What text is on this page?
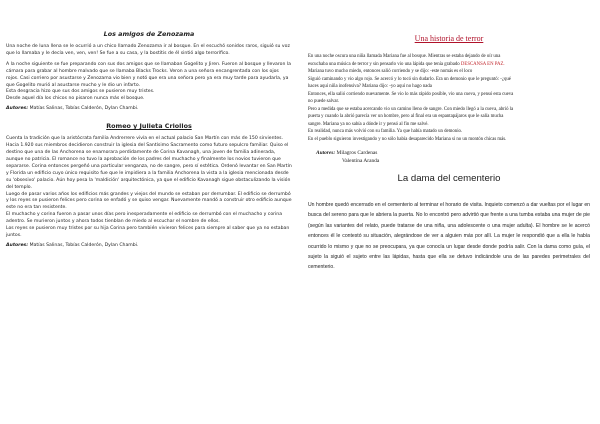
Los amigos de Zenozama

Una noche de luna llena se le ocurrió a un chico llamado Zenozama ir al bosque. En el escuchó sonidos raros, siguió su voz que lo llamaba y le decía ven, ven, ven! Se fue a su casa, y la bostitis de él sintió algo terrorífico.

A la noche siguiente se fue preparando con sus dos amigos que se llamaban Gogelito y Jiren. Fueron al bosque y llevaron la cámara para grabar al hombre malvado que se llamaba Blacks Trocks. Veron a una señora encangrentada con los ojos rojos. Casi corriero por asustarse y Zenozama vio bien y notó que era una señora pero ya era muy tarde para ayudarla, ya que Gogelito murió al asustarse mucho y le dio un infarto.

Esta desgracia hizo que sus dos amigos se pusieron muy tristes.

Desde aquel día los chicos no pisaron nunca más el bosque.

Autores: Matías Salinas, Tobías Calderón, Dylan Chambi.
Romeo y Julieta Criollos

Cuenta la tradición que la aristócrata familia Andrerrere vivía en el actual palacio San Martín con más de 150 sirvientes. Hacia 1.920 sus miembros decidieron construir la iglesia del Santísimo Sacramento como futuro sepulcro familiar. Quiso el destino que una de las Anchorena se enamorara perdidamente de Corina Kavanagh, una joven de familia adinerada, aunque no patricia. El romance no tuvo la aprobación de los padres del muchacho y finalmente los novios tuvieron que separarse. Corina entonces pergeñó una particular venganza, no de sangre, pero sí estética. Ordenó levantar en San Martín y Florida un edificio cuyo único requisito fue que le impidiera a la familia Anchorena la vista a la iglesia mencionada desde su 'obsesivo' palacio. Aún hoy pesa la 'maldición' arquitectónica, ya que el edificio Kavanagh sigue obstaculizando la visión del templo.

Luego de pasar varios años los edificios más grandes y viejos del mundo se estaban por derrumbar. El edificio se derrumbó y los reyes se pusieron felices pero corina se enfadó y se quiso vengar. Nuevamente mandó a construir otro edificio aunque este no era tan resistente.

El muchacho y corina fueron a pasar unos días pero inesperadamente el edificio se derrumbó con el muchacho y corina adentro. Se murieron juntos y ahora todos tienblan de miedo al escuchar el nombre de ellos.

Los reyes se pusieron muy tristes por su hija Corina pero también vivieron felices para siempre al saber que ya no estaban juntos.

Autores: Matías Salinas, Tobías Calderón, Dylan Chambi.
Una historia de terror

En una noche oscura una niña llamada Mariana fue al bosque. Mientras se estaba dejando de oír una

escuchaba una música de terror y sin pensarlo vio una lápida que tenía grabado DESCANSA EN PAZ.

Mariana tuvo mucho miedo, entonces salió corriendo y se dijo: -este nomás es el loco

Siguió caminando y vio algo rojo. Se acercó y lo tocó sin dudarlo. Era un demonio que le preguntó: -¿qué

haces aquí niña inofensiva? Mariana dijo: -yo aquí no hago nada

Entonces, ella salió corriendo nuevamente. Se vio lo más rápido posible, vio una cueva, y pensó esta cueva

no puede salvar.

Pero a medida que se estaba acercando vio un camino lleno de sangre. Con miedo llegó a la cueva, abrió la

puerta y cuando la abrió parecía ver un hombre, pero al final era un espantapájaros que le salía mucha

sangre. Mariana ya no sabía a dónde ir y pensó al fin me salvé.

En realidad, nunca más volvió con su familia. Ya que había matado un demonio.

En el pueblo siguieron investigando y no sólo había desaparecido Mariana si no un montón chicas más.

Autores: Milagros Cardenas
Valentina Aranda
La dama del cementerio

Un hombre quedó encerrado en el cementerio al terminar el horario de visita. Inquieto comenzó a dar vueltas por el lugar en busca del sereno para que le abriera la puerta. No lo encontró pero advirtió que frente a una tumba estaba una mujer de pie (según las variantes del relato, puede tratarse de una niña, una adolescente o una mujer adulta). El hombre se le acercó entonces él le contestó su situación, alegrándose de ver a alguien más por allí. La mujer le respondió que a ella le había ocurrido lo mismo y que no se preocupara, ya que conocía un lugar desde donde podría salir. Con la dama como guía, el sujeto la siguió el sujeto entre las lápidas, hasta que ella se detuvo indicándole una de las paredes perimetrales del cementerio.
